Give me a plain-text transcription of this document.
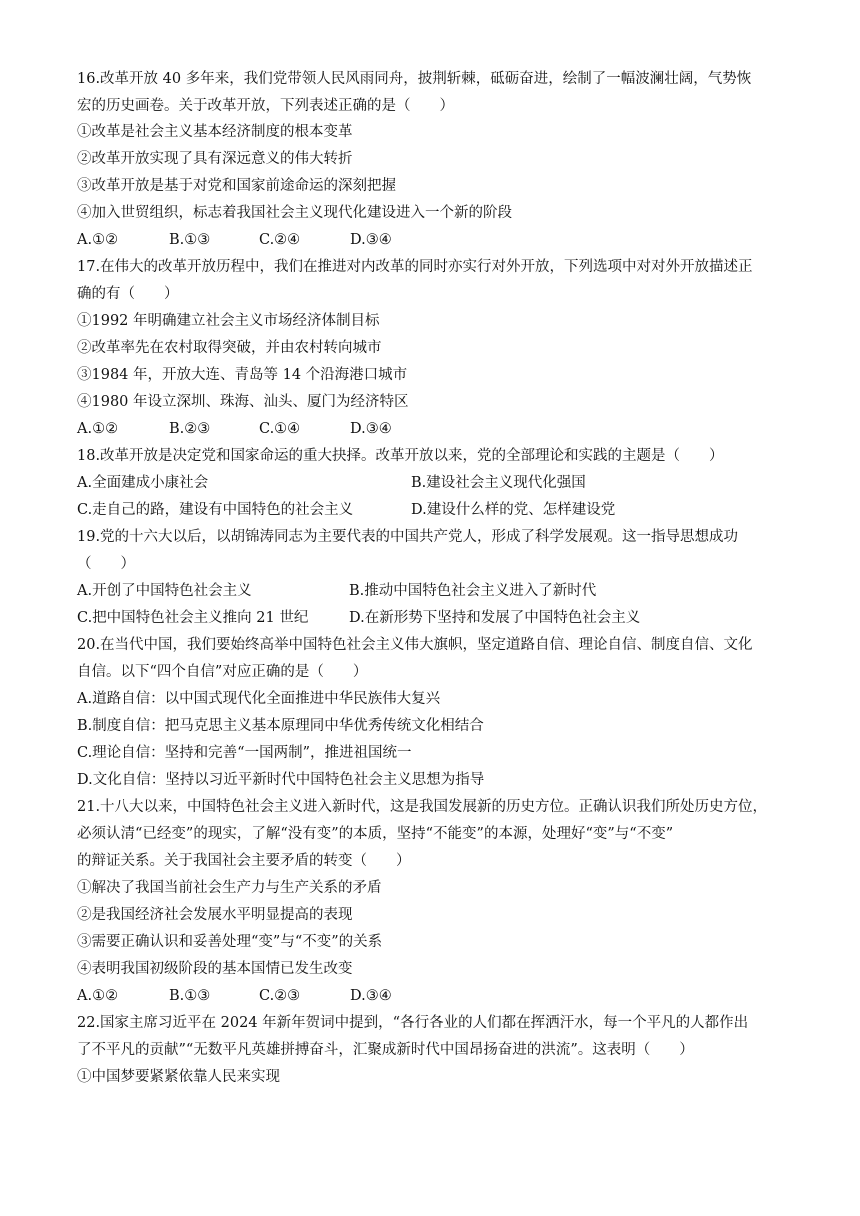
16.改革开放 40 多年来，我们党带领人民风雨同舟，披荆斩棘，砥砺奋进，绘制了一幅波澜壮阔，气势恢
宏的历史画卷。关于改革开放，下列表述正确的是（　　）
①改革是社会主义基本经济制度的根本变革
②改革开放实现了具有深远意义的伟大转折
③改革开放是基于对党和国家前途命运的深刻把握
④加入世贸组织，标志着我国社会主义现代化建设进入一个新的阶段
A.①②	B.①③	C.②④	D.③④
17.在伟大的改革开放历程中，我们在推进对内改革的同时亦实行对外开放，下列选项中对对外开放描述正
确的有（　　）
①1992 年明确建立社会主义市场经济体制目标
②改革率先在农村取得突破，并由农村转向城市
③1984 年，开放大连、青岛等 14 个沿海港口城市
④1980 年设立深圳、珠海、汕头、厦门为经济特区
A.①②	B.②③	C.①④	D.③④
18.改革开放是决定党和国家命运的重大抉择。改革开放以来，党的全部理论和实践的主题是（　　）
A.全面建成小康社会	B.建设社会主义现代化强国
C.走自己的路，建设有中国特色的社会主义	D.建设什么样的党、怎样建设党
19.党的十六大以后，以胡锦涛同志为主要代表的中国共产党人，形成了科学发展观。这一指导思想成功
（　　）
A.开创了中国特色社会主义	B.推动中国特色社会主义进入了新时代
C.把中国特色社会主义推向 21 世纪	D.在新形势下坚持和发展了中国特色社会主义
20.在当代中国，我们要始终高举中国特色社会主义伟大旗帜，坚定道路自信、理论自信、制度自信、文化
自信。以下“四个自信”对应正确的是（　　）
A.道路自信：以中国式现代化全面推进中华民族伟大复兴
B.制度自信：把马克思主义基本原理同中华优秀传统文化相结合
C.理论自信：坚持和完善“一国两制”，推进祖国统一
D.文化自信：坚持以习近平新时代中国特色社会主义思想为指导
21.十八大以来，中国特色社会主义进入新时代，这是我国发展新的历史方位。正确认识我们所处历史方位，
必须认清“已经变”的现实，了解“没有变”的本质，坚持“不能变”的本源，处理好“变”与“不变”
的辩证关系。关于我国社会主要矛盾的转变（　　）
①解决了我国当前社会生产力与生产关系的矛盾
②是我国经济社会发展水平明显提高的表现
③需要正确认识和妥善处理“变”与“不变”的关系
④表明我国初级阶段的基本国情已发生改变
A.①②	B.①③	C.②③	D.③④
22.国家主席习近平在 2024 年新年贺词中提到，“各行各业的人们都在挥洒汗水，每一个平凡的人都作出
了不平凡的贡献”“无数平凡英雄拼搏奋斗，汇聚成新时代中国昂扬奋进的洪流”。这表明（　　）
①中国梦要紧紧依靠人民来实现
